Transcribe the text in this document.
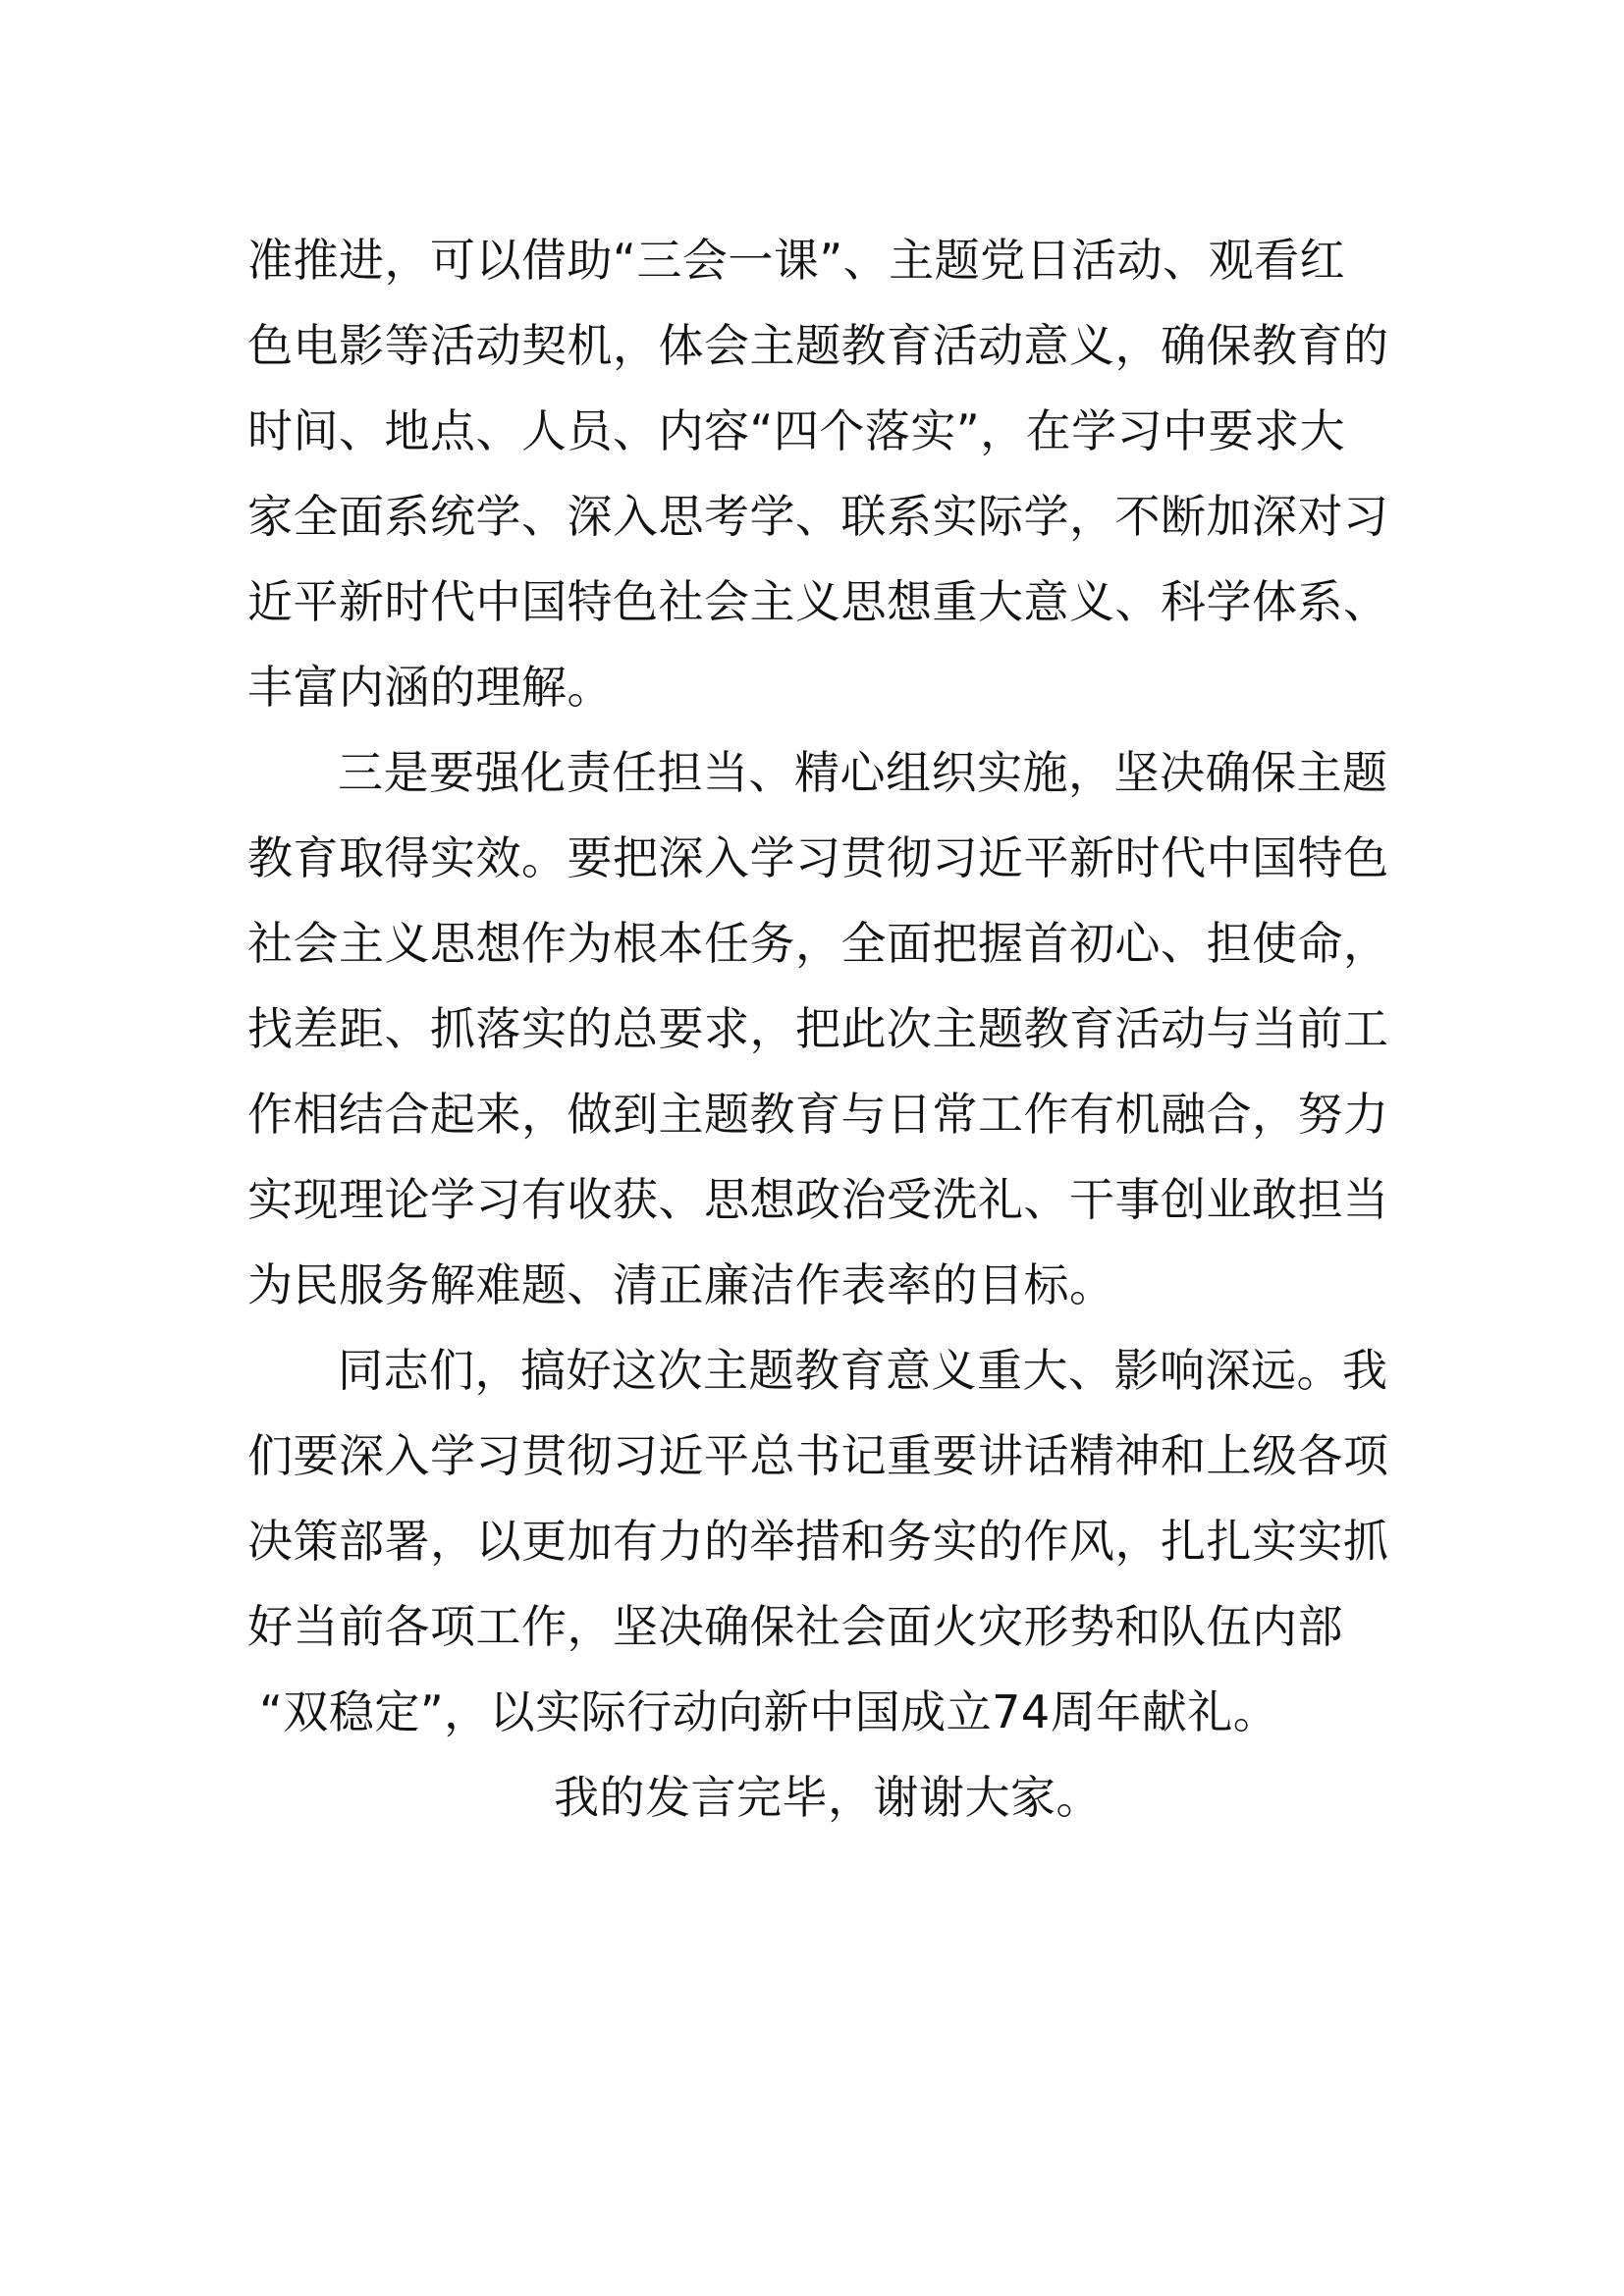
准推进，可以借助“三会一课”、主题党日活动、观看红
色电影等活动契机，体会主题教育活动意义，确保教育的
时间、地点、人员、内容“四个落实”，在学习中要求大
家全面系统学、深入思考学、联系实际学，不断加深对习
近平新时代中国特色社会主义思想重大意义、科学体系、
丰富内涵的理解。
三是要强化责任担当、精心组织实施，坚决确保主题
教育取得实效。要把深入学习贯彻习近平新时代中国特色
社会主义思想作为根本任务，全面把握首初心、担使命，
找差距、抓落实的总要求，把此次主题教育活动与当前工
作相结合起来，做到主题教育与日常工作有机融合，努力
实现理论学习有收获、思想政治受洗礼、干事创业敢担当
为民服务解难题、清正廉洁作表率的目标。
同志们，搞好这次主题教育意义重大、影响深远。我
们要深入学习贯彻习近平总书记重要讲话精神和上级各项
决策部署，以更加有力的举措和务实的作风，扎扎实实抓
好当前各项工作，坚决确保社会面火灾形势和队伍内部
“双稳定”，以实际行动向新中国成立74周年献礼。
我的发言完毕，谢谢大家。
